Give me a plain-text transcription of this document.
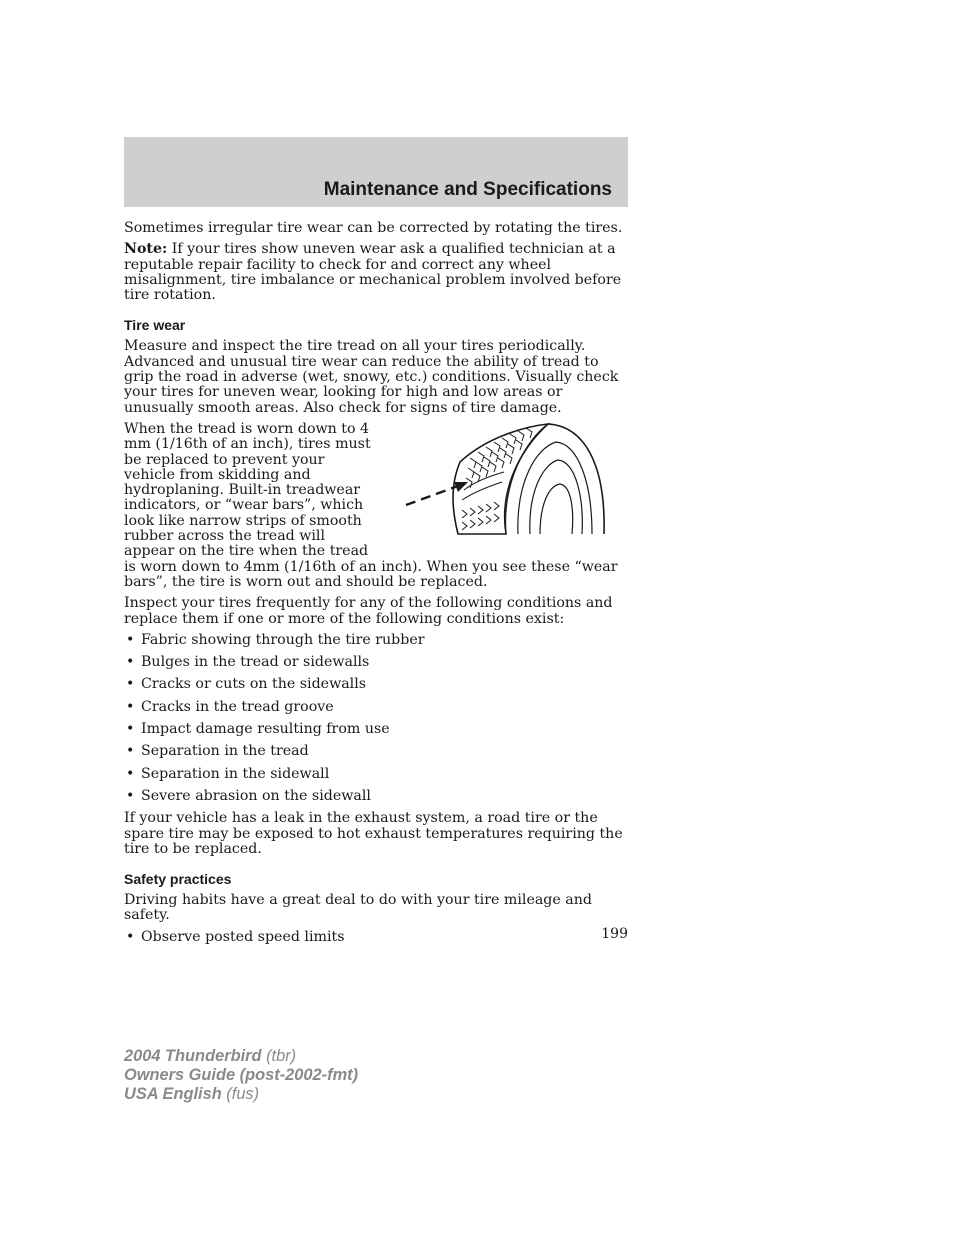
Maintenance and Specifications

Sometimes irregular tire wear can be corrected by rotating the tires.

Note: If your tires show uneven wear ask a qualified technician at a reputable repair facility to check for and correct any wheel misalignment, tire imbalance or mechanical problem involved before tire rotation.

Tire wear

Measure and inspect the tire tread on all your tires periodically. Advanced and unusual tire wear can reduce the ability of tread to grip the road in adverse (wet, snowy, etc.) conditions. Visually check your tires for uneven wear, looking for high and low areas or unusually smooth areas. Also check for signs of tire damage.

When the tread is worn down to 4 mm (1/16th of an inch), tires must be replaced to prevent your vehicle from skidding and hydroplaning. Built-in treadwear indicators, or “wear bars”, which look like narrow strips of smooth rubber across the tread will appear on the tire when the tread is worn down to 4mm (1/16th of an inch). When you see these “wear bars”, the tire is worn out and should be replaced.

Inspect your tires frequently for any of the following conditions and replace them if one or more of the following conditions exist:

• Fabric showing through the tire rubber
• Bulges in the tread or sidewalls
• Cracks or cuts on the sidewalls
• Cracks in the tread groove
• Impact damage resulting from use
• Separation in the tread
• Separation in the sidewall
• Severe abrasion on the sidewall

If your vehicle has a leak in the exhaust system, a road tire or the spare tire may be exposed to hot exhaust temperatures requiring the tire to be replaced.

Safety practices

Driving habits have a great deal to do with your tire mileage and safety.

• Observe posted speed limits	199
2004 Thunderbird (tbr)
Owners Guide (post-2002-fmt)
USA English (fus)
